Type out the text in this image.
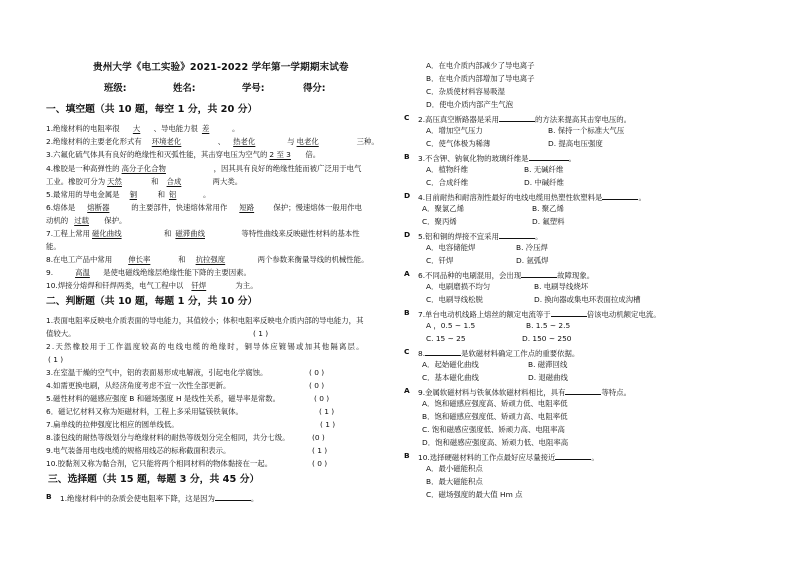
贵州大学《电工实验》2021-2022 学年第一学期期末试卷
班级:	姓名:	学号:	得分:
一、填空题（共 10 题，每空 1 分，共 20 分）
1.绝缘材料的电阻率很 大 、导电能力很 差	。
2.绝缘材料的主要老化形式有 环境老化	、 热老化	与 电老化	三种。
3.六氟化硫气体具有良好的绝缘性和灭弧性能，其击穿电压为空气的 2 至 3 倍。
4.橡胶是一种高弹性的 高分子化合物	，因其具有良好的绝缘性能而被广泛用于电气
工业。橡胶可分为 天然	和 合成	两大类。
5.最常用的导电金属是 铜	和 铝	。
6.熔体是 熔断器	的主要部件，快速熔体常用作 短路	保护；慢速熔体一般用作电
动机的 过载 保护。
7.工程上常用 磁化曲线	和 磁滞曲线	等特性曲线来反映磁性材料的基本性
能。
8.在电工产品中常用 伸长率	和 抗拉强度	两个参数来衡量导线的机械性能。
9.	高温 是使电磁线绝缘层绝缘性能下降的主要因素。
10.焊接分熔焊和钎焊两类，电气工程中以 钎焊	为主。
二、判断题（共 10 题，每题 1 分，共 10 分）
1.表面电阻率反映电介质表面的导电能力，其值较小；体积电阻率反映电介质内部的导电能力，其
值较大。	( 1 )
2.天然橡胶用于工作温度较高的电线电缆的绝缘时，铜导体应镀锡或加其他隔离层。
( 1 )
3.在室温干燥的空气中，铝的表面易形成电解液，引起电化学腐蚀。	( 0 )
4.如需更换电刷，从经济角度考虑不宜一次性全部更新。	( 0 )
5.磁性材料的磁感应强度 B 和磁场强度 H 是线性关系，磁导率是常数。	( 0 )
6．磁记忆材料又称为矩磁材料，工程上多采用锰镁铁氧体。	( 1 )
7.扁单线的拉伸强度比相应的圆单线低。	( 1 )
8.漆包线的耐热等级划分与绝缘材料的耐热等级划分完全相同，共分七级。	(0 )
9.电气装备用电线电缆的规格用线芯的标称截面积表示。	( 1 )
10.胶黏剂又称为黏合剂，它只能将两个相同材料的物体黏接在一起。	( 0 )
三、选择题（共 15 题，每题 3 分，共 45 分）
B 1.绝缘材料中的杂质会使电阻率下降，这是因为	。
A．在电介质内部减少了导电离子
B．在电介质内部增加了导电离子
C．杂质使材料容易吸湿
D．使电介质内部产生气泡
C 2.高压真空断路器是采用	的方法来提高其击穿电压的。
A．增加空气压力	B. 保持一个标准大气压
C．使气体极为稀薄	D. 提高电压强度
B 3.不含钾、钠氧化物的玻璃纤维是	。
A．植物纤维	B. 无碱纤维
C．合成纤维	D. 中碱纤维
D 4.目前耐热和耐溶剂性最好的电线电缆用热塑性软塑料是	。
A．聚氯乙烯	B. 聚乙烯
C．聚丙烯	D. 氟塑料
D 5.铝和铜的焊接不宜采用	。
A．电容储能焊	B. 冷压焊
C．钎焊	D. 氩弧焊
A 6.不同品种的电刷混用，会出现	故障现象。
A．电刷磨损不均匀	B. 电刷导线烧坏
C．电刷导线松脱	D. 换向器或集电环表面拉成沟槽
B 7.单台电动机线路上熔丝的额定电流等于	倍该电动机额定电流。
A ，0.5 ~ 1.5	B. 1.5 ~ 2.5
C. 15 ~ 25	D. 150 ~ 250
C 8.	是软磁材料确定工作点的重要依据。
A．起始磁化曲线	B. 磁滞回线
C．基本磁化曲线	D. 退磁曲线
A 9.金属软磁材料与铁氧体软磁材料相比，具有	等特点。
A．饱和磁感应强度高、矫顽力低、电阻率低
B．饱和磁感应强度低、矫顽力高、电阻率低
C. 饱和磁感应强度低、矫顽力高、电阻率高
D．饱和磁感应强度高、矫顽力低、电阻率高
B 10.选择硬磁材料的工作点最好应尽量接近	。
A．最小磁能积点
B．最大磁能积点
C．磁场强度的最大值 Hm 点
